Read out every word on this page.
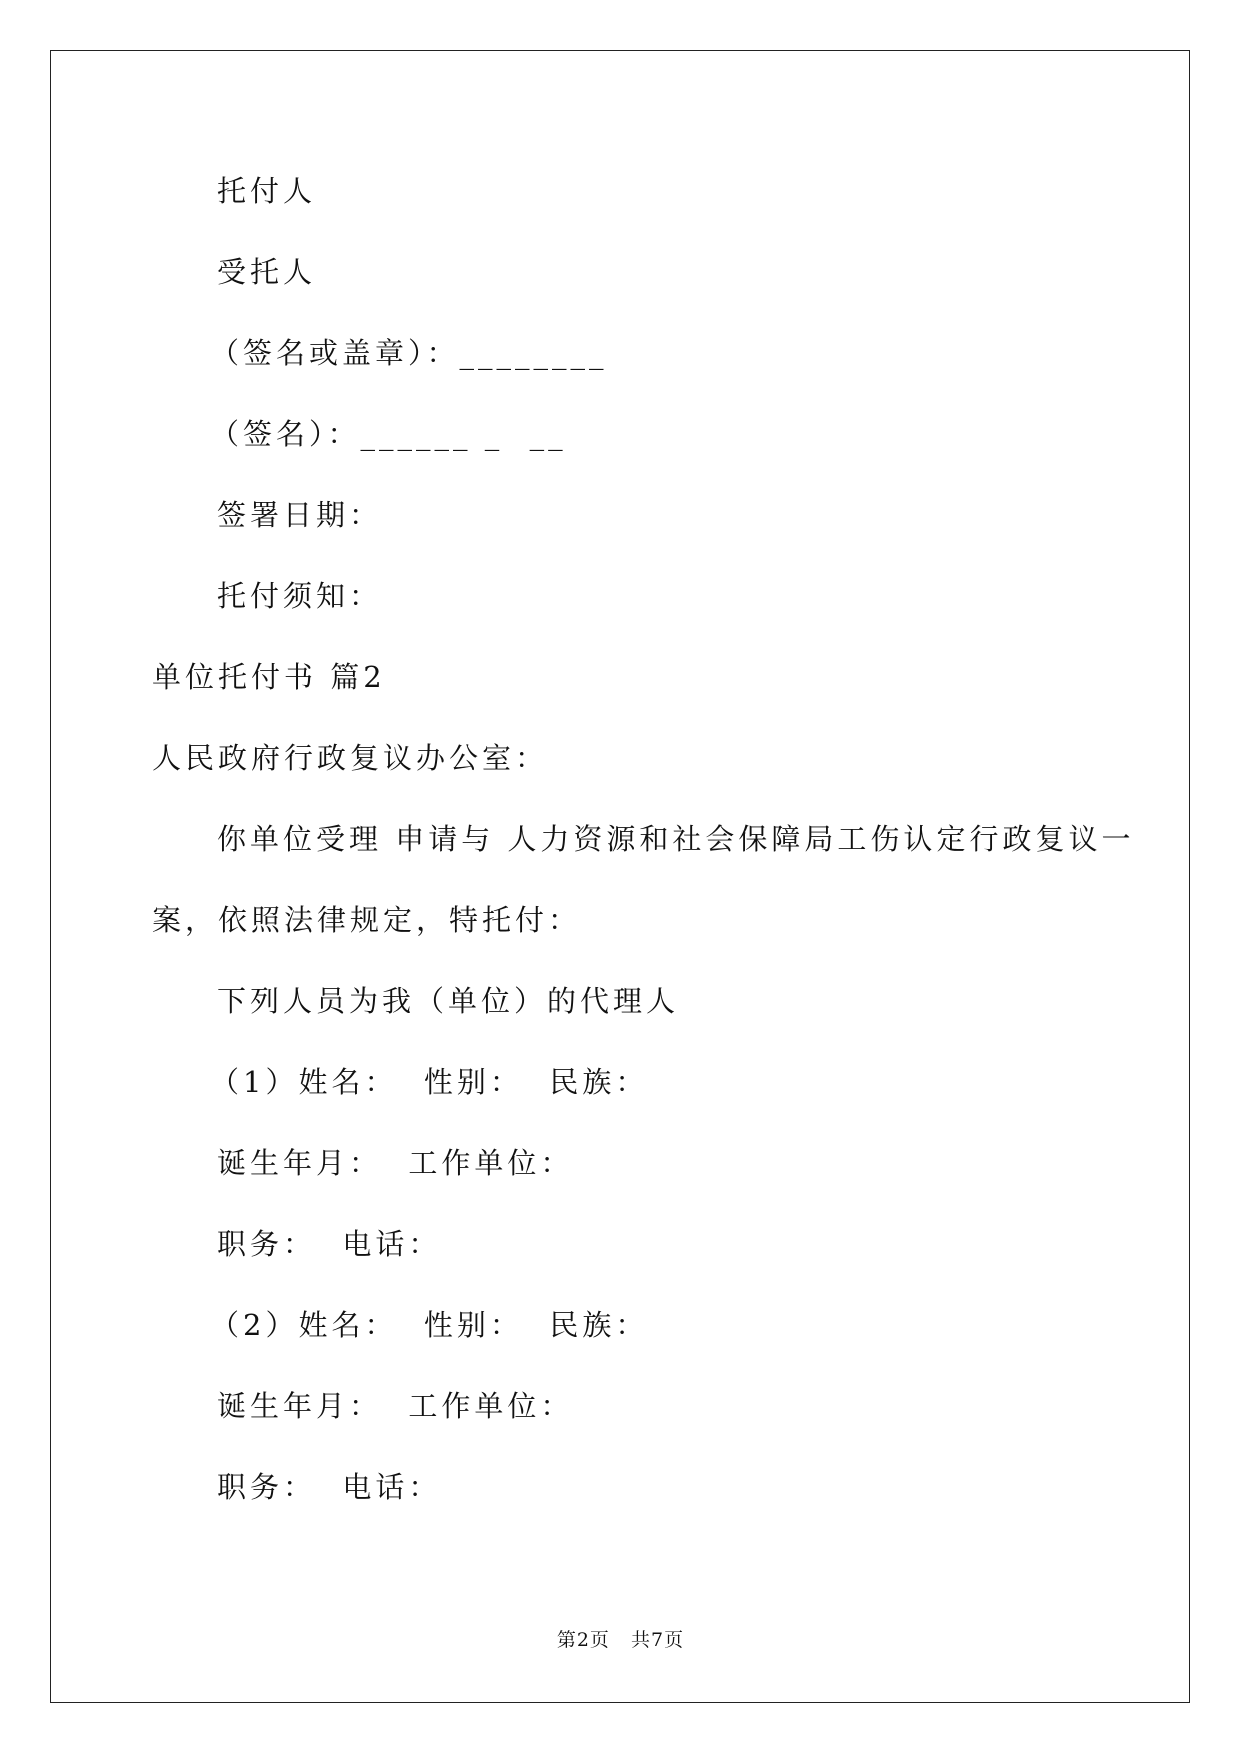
托付人
受托人
（签名或盖章）：________
（签名）：______ _  __
签署日期：
托付须知：
单位托付书 篇2
人民政府行政复议办公室：
你单位受理 申请与 人力资源和社会保障局工伤认定行政复议一
案，依照法律规定，特托付：
下列人员为我（单位）的代理人
（1）姓名：  性别：  民族：
诞生年月：  工作单位：
职务：  电话：
（2）姓名：  性别：  民族：
诞生年月：  工作单位：
职务：  电话：
第2页   共7页
